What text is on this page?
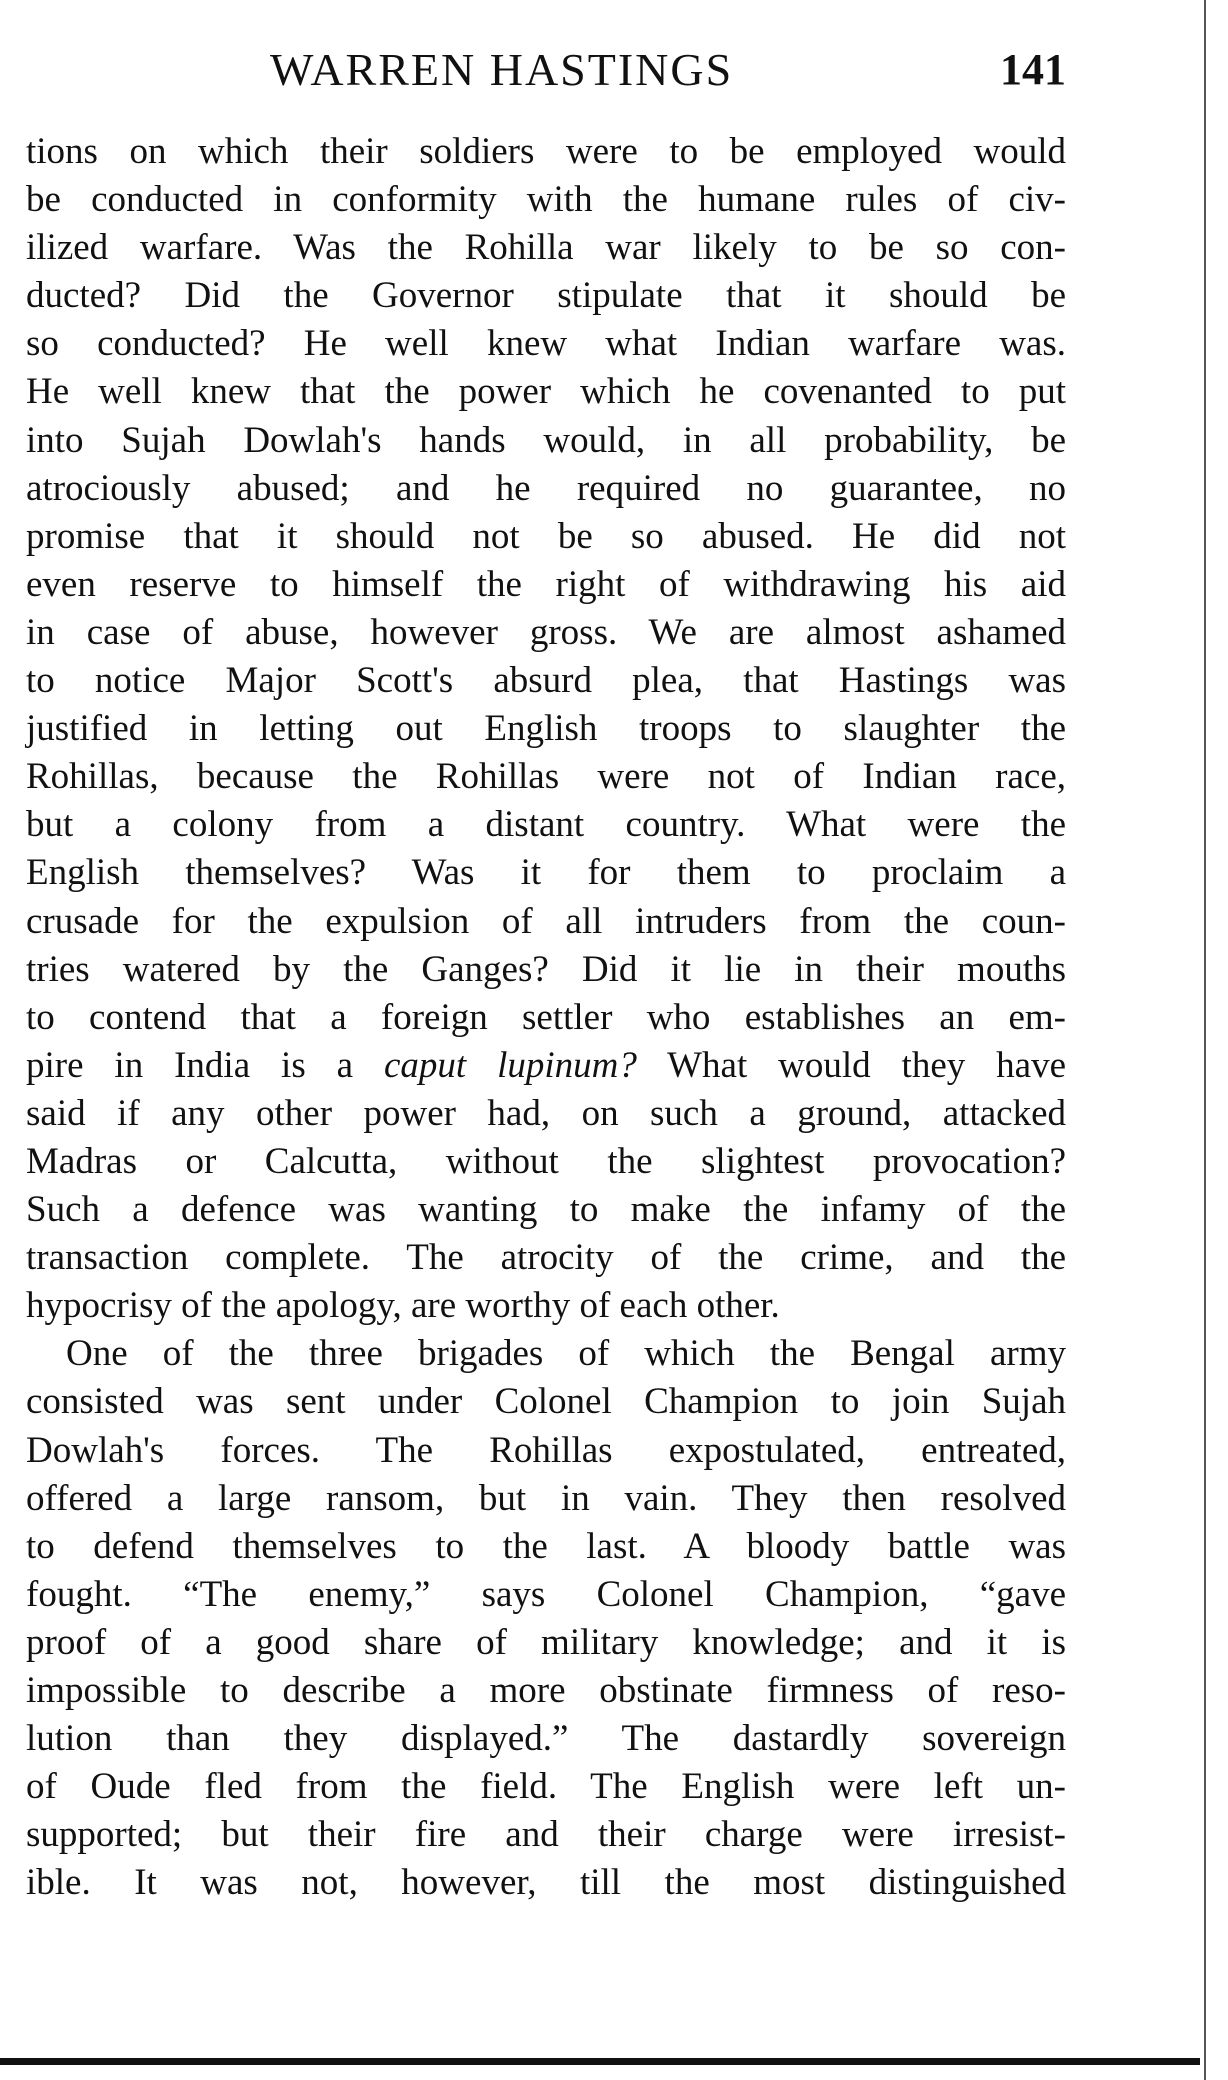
WARREN HASTINGS	141
tions on which their soldiers were to be employed would
be conducted in conformity with the humane rules of civ-
ilized warfare. Was the Rohilla war likely to be so con-
ducted? Did the Governor stipulate that it should be
so conducted? He well knew what Indian warfare was.
He well knew that the power which he covenanted to put
into Sujah Dowlah's hands would, in all probability, be
atrociously abused; and he required no guarantee, no
promise that it should not be so abused. He did not
even reserve to himself the right of withdrawing his aid
in case of abuse, however gross. We are almost ashamed
to notice Major Scott's absurd plea, that Hastings was
justified in letting out English troops to slaughter the
Rohillas, because the Rohillas were not of Indian race,
but a colony from a distant country. What were the
English themselves? Was it for them to proclaim a
crusade for the expulsion of all intruders from the coun-
tries watered by the Ganges? Did it lie in their mouths
to contend that a foreign settler who establishes an em-
pire in India is a caput lupinum? What would they have
said if any other power had, on such a ground, attacked
Madras or Calcutta, without the slightest provocation?
Such a defence was wanting to make the infamy of the
transaction complete. The atrocity of the crime, and the
hypocrisy of the apology, are worthy of each other.
One of the three brigades of which the Bengal army
consisted was sent under Colonel Champion to join Sujah
Dowlah's forces. The Rohillas expostulated, entreated,
offered a large ransom, but in vain. They then resolved
to defend themselves to the last. A bloody battle was
fought. “The enemy,” says Colonel Champion, “gave
proof of a good share of military knowledge; and it is
impossible to describe a more obstinate firmness of reso-
lution than they displayed.” The dastardly sovereign
of Oude fled from the field. The English were left un-
supported; but their fire and their charge were irresist-
ible. It was not, however, till the most distinguished
